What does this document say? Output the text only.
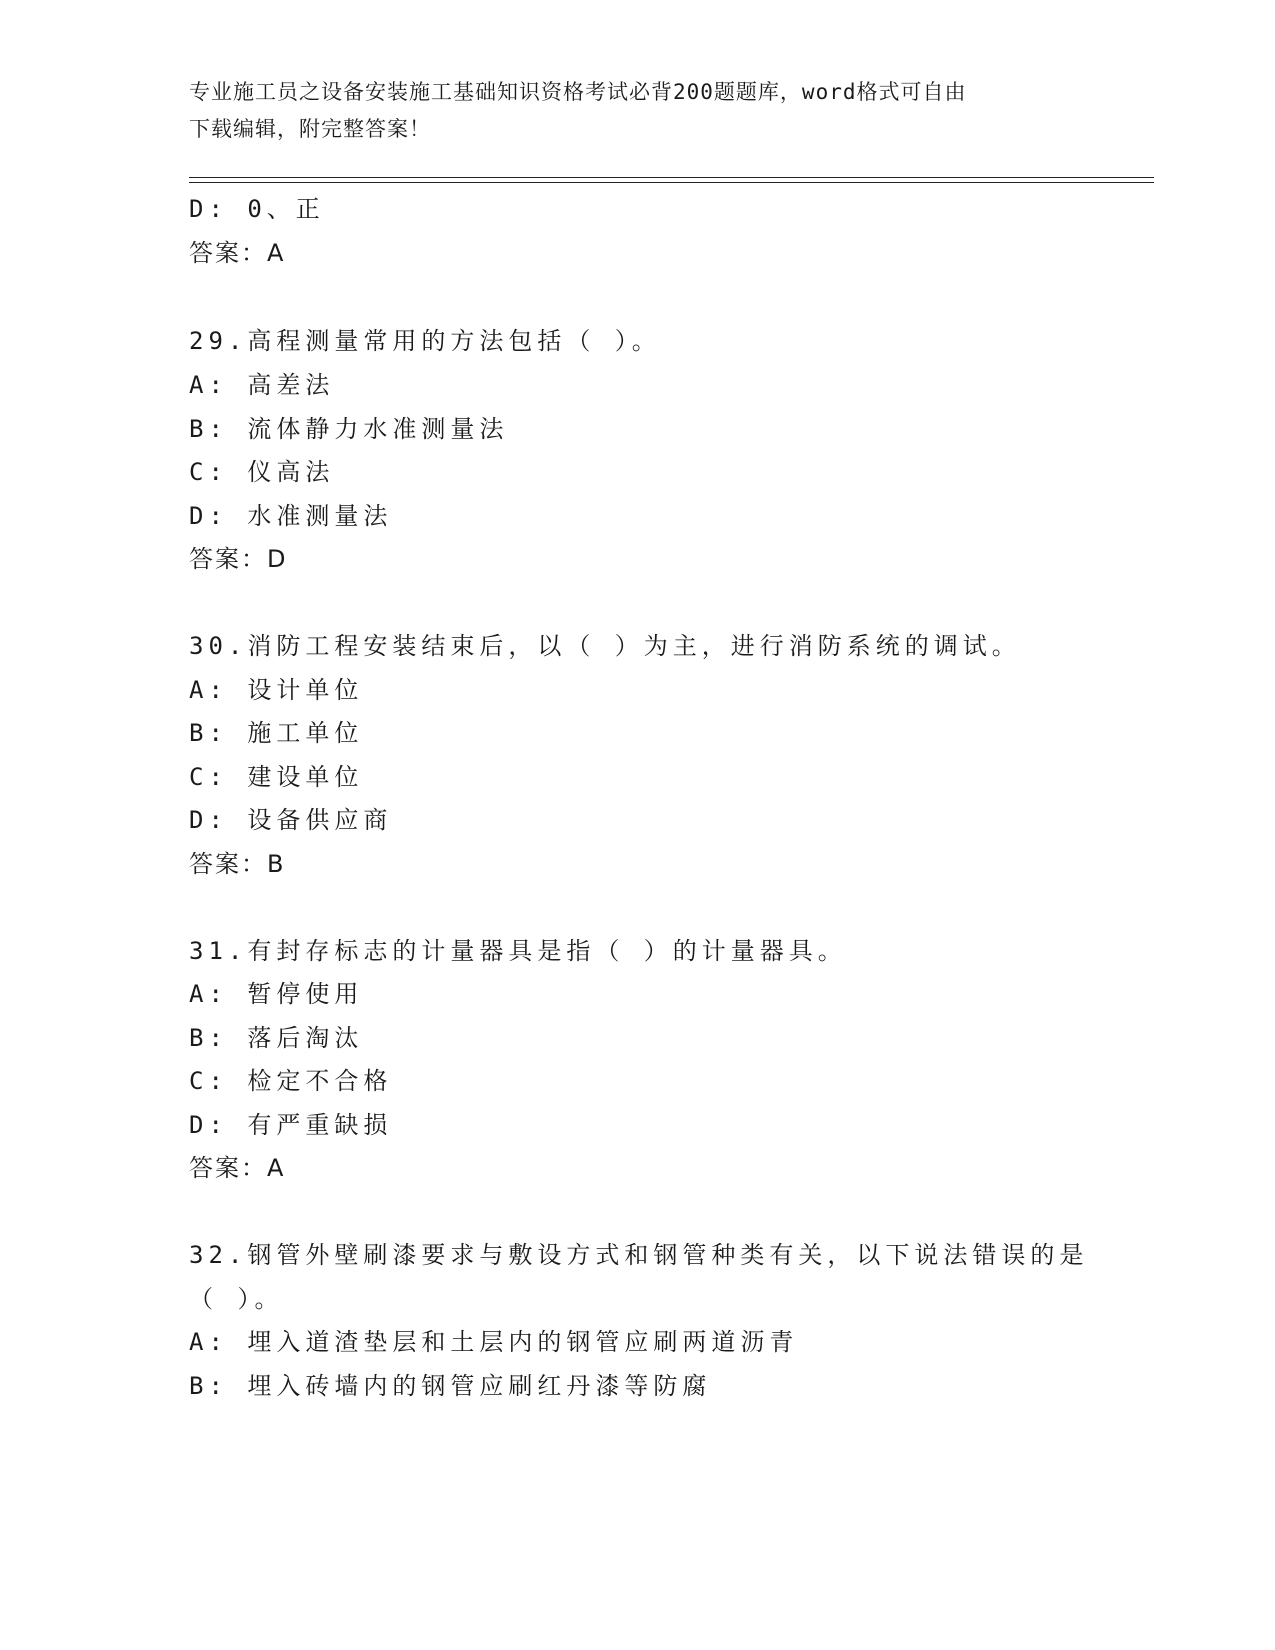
专业施工员之设备安装施工基础知识资格考试必背200题题库，word格式可自由
下载编辑，附完整答案！
D: 0、正
答案：A
29.高程测量常用的方法包括（ ）。
A: 高差法
B: 流体静力水准测量法
C: 仪高法
D: 水准测量法
答案：D
30.消防工程安装结束后，以（ ）为主，进行消防系统的调试。
A: 设计单位
B: 施工单位
C: 建设单位
D: 设备供应商
答案：B
31.有封存标志的计量器具是指（ ）的计量器具。
A: 暂停使用
B: 落后淘汰
C: 检定不合格
D: 有严重缺损
答案：A
32.钢管外壁刷漆要求与敷设方式和钢管种类有关，以下说法错误的是
（ ）。
A: 埋入道渣垫层和土层内的钢管应刷两道沥青
B: 埋入砖墙内的钢管应刷红丹漆等防腐
